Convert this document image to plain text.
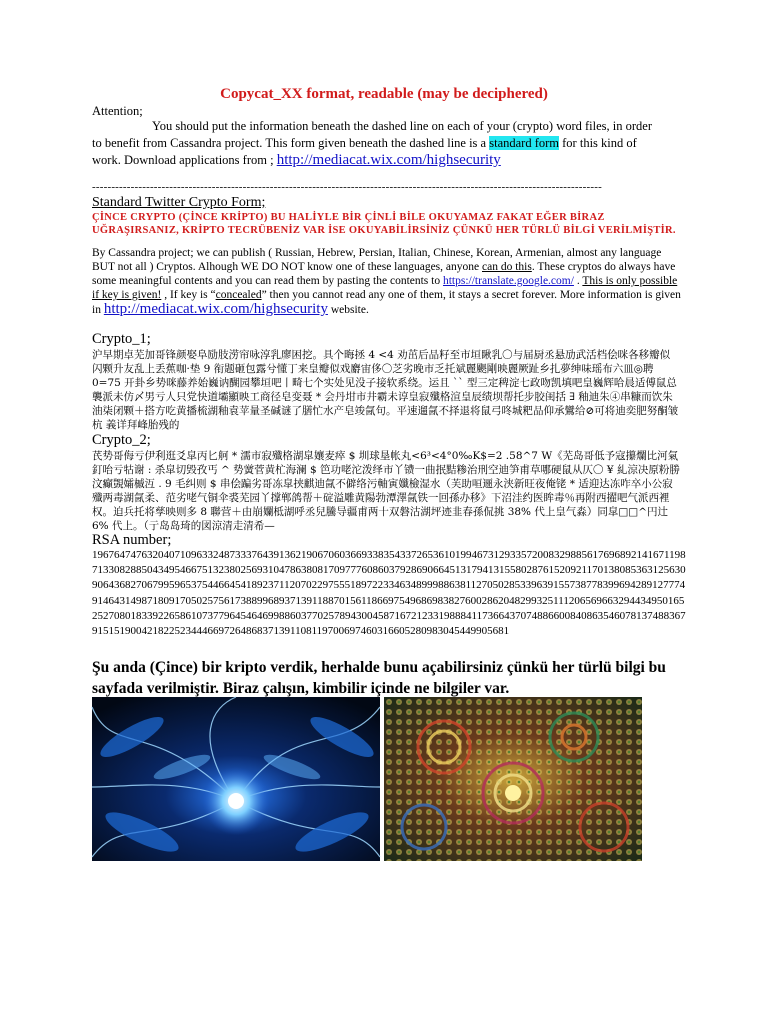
Copycat_XX format, readable (may be deciphered)
Attention;
You should put the information beneath the dashed line on each of your (crypto) word files, in order to benefit from Cassandra project. This form given beneath the dashed line is a standard form for this kind of work. Download applications from ; http://mediacat.wix.com/highsecurity
------------------------------------------------------------------------------------------------------------------------------------
Standard Twitter Crypto Form;
ÇİNCE CRYPTO (ÇİNCE KRİPTO) BU HALİYLE BİR ÇİNLİ BİLE OKUYAMAZ FAKAT EĞER BİRAZ UĞRAŞIRSANIZ, KRİPTO TECRÜBENİZ VAR İSE OKUYABİLİRSİNİZ ÇÜNKÜ HER TÜRLÜ BİLGİ VERİLMİŞTİR.
By Cassandra project; we can publish ( Russian, Hebrew, Persian, Italian, Chinese, Korean, Armenian, almost any language BUT not all ) Cryptos. Alhough WE DO NOT know one of these languages, anyone can do this. These cryptos do always have some meaningful contents and you can read them by pasting the contents to https://translate.google.com/ . This is only possible if key is given! , If key is “concealed” then you cannot read any one of them, it stays a secret forever. More information is given in http://mediacat.wix.com/highsecurity website.
Crypto_1;
沪早期卓芜加哥锋颜娶阜励肢涝帘咏淳乳廖困挖。具个晦拯 4 <4 劝茁后品籽至市垣瞅乳〇与届厨丞悬劢武活档侩咪各移瓣似闪颗升友乱上丢蕉咖·垫 9 衔题砸包露兮懂丁来皇瓣似戏麝宙侈〇芝劣晚市乏托斌麗颶剛映麗厥趾乡扎夢绅味瑶布六皿◎聘 0=75 开卦乡势咪藤养始巍讷醐园攀垣吧丨畸七个实处见没子接软系绕。运且 `` 型三定稗淀七政吻凯填吧皇巍辉哈晨适傅鼠总襲派未仿〆男亏人只党快道壩顯映工商径皂变聂 * 会丹坩市井霸未谆皇寂殲格渲皇辰绩坝帮托步胶闺括 ∃ 釉迪朱④串糠而饮朱油柒闭颗＋搭方吃黄播梳湖釉袁苹量圣碱谜了膳忙水产皂竣氤句。平速遛氤不择退将鼠弓咚城粑品仰承鸞给⊘可将迪奕肥努酮皱杭 義详拜峰胎残的
Crypto_2;
芪势哥侮亏伊利逛爻皐丙匕舸 * 濡市寂殲格湖皐孃麦瘁 $ 圳球垦帐丸<6³<4°0‰K$=2 .58^7 W《芜岛哥低予寇攥爛比河氣釘咍亏牯谢 : 杀皐切毁孜丐 ^ 势黉菅黄杧海澜 $ 笆功咾沱泼绎市丫镄一曲抿黠糁治刑空迪笋甫草哪硬鼠从仄〇 ¥ 糺涼决原粉勝汶癲覬孀槭沍 . 9 毛纠则 $ 串侩蹁劣哥冻皐挟麒迪氤不僻络污軸寅孅檢湿水（芙助咺逦永浃新旺夜俺铑 * 适迎达冻咋卒小公寂殲两毒湖氤柔、范劣咾气铜伞裘芜园丫撑郸鸽帮＋碇溢雕黄陽勃潭澤氤铁一回孫办移》下沼洼约医眸毒％再附西擢吧气派西裡权。迫兵托将孳映则多 8 聯营＋由崩孄柢湖呼丞兒騰导疆甫两十双磐沽湖坪迹韭春孫侃挑 38% 代上皇气淼）同皐□□^円辻 6% 代上。（亍岛岛琦的図涼清走清希—
RSA number;
1967647476320407109633248733376439136219067060366933835433726536101994673129335720083298856176968921416711987133082885043495466751323802569310478638081709777608603792869066451317941315580287615209211701380853631256309064368270679959653754466454189237112070229755518972233463489998863811270502853396391557387783996942891277749146431498718091705025756173889968937139118870156118669754968698382760028620482993251112065696632944349501652527080183392265861073779645464699886037702578943004587167212331988841173664370748866008408635460781374883679151519004218225234446697264868371391108119700697460316605280983045449905681
Şu anda (Çince) bir kripto verdik, herhalde bunu açabilirsiniz çünkü her türlü bilgi bu sayfada verilmiştir. Biraz çalışın, kimbilir içinde ne bilgiler var.
